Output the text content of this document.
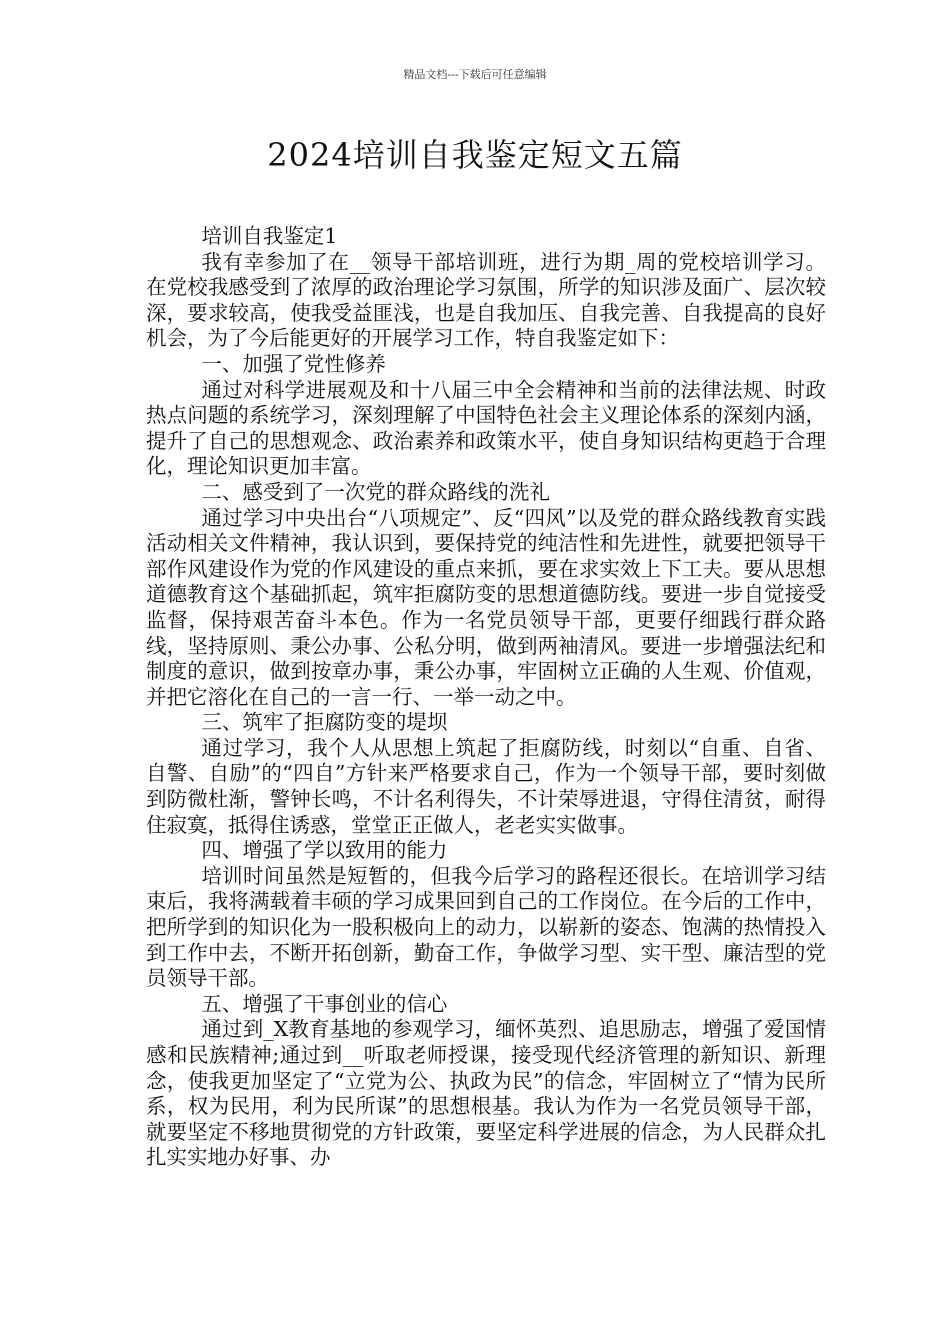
精品文档---下载后可任意编辑
2024培训自我鉴定短文五篇

培训自我鉴定1

我有幸参加了在__领导干部培训班，进行为期_周的党校培训学习。在党校我感受到了浓厚的政治理论学习氛围，所学的知识涉及面广、层次较深，要求较高，使我受益匪浅，也是自我加压、自我完善、自我提高的良好机会，为了今后能更好的开展学习工作，特自我鉴定如下：

一、加强了党性修养

通过对科学进展观及和十八届三中全会精神和当前的法律法规、时政热点问题的系统学习，深刻理解了中国特色社会主义理论体系的深刻内涵，提升了自己的思想观念、政治素养和政策水平，使自身知识结构更趋于合理化，理论知识更加丰富。

二、感受到了一次党的群众路线的洗礼

通过学习中央出台“八项规定”、反“四风”以及党的群众路线教育实践活动相关文件精神，我认识到，要保持党的纯洁性和先进性，就要把领导干部作风建设作为党的作风建设的重点来抓，要在求实效上下工夫。要从思想道德教育这个基础抓起，筑牢拒腐防变的思想道德防线。要进一步自觉接受监督，保持艰苦奋斗本色。作为一名党员领导干部，更要仔细践行群众路线，坚持原则、秉公办事、公私分明，做到两袖清风。要进一步增强法纪和制度的意识，做到按章办事，秉公办事，牢固树立正确的人生观、价值观，并把它溶化在自己的一言一行、一举一动之中。

三、筑牢了拒腐防变的堤坝

通过学习，我个人从思想上筑起了拒腐防线，时刻以“自重、自省、自警、自励”的“四自”方针来严格要求自己，作为一个领导干部，要时刻做到防微杜渐，警钟长鸣，不计名利得失，不计荣辱进退，守得住清贫，耐得住寂寞，抵得住诱惑，堂堂正正做人，老老实实做事。

四、增强了学以致用的能力

培训时间虽然是短暂的，但我今后学习的路程还很长。在培训学习结束后，我将满载着丰硕的学习成果回到自己的工作岗位。在今后的工作中，把所学到的知识化为一股积极向上的动力，以崭新的姿态、饱满的热情投入到工作中去，不断开拓创新，勤奋工作，争做学习型、实干型、廉洁型的党员领导干部。

五、增强了干事创业的信心

通过到_X教育基地的参观学习，缅怀英烈、追思励志，增强了爱国情感和民族精神;通过到__听取老师授课，接受现代经济管理的新知识、新理念，使我更加坚定了“立党为公、执政为民”的信念，牢固树立了“情为民所系，权为民用，利为民所谋”的思想根基。我认为作为一名党员领导干部，就要坚定不移地贯彻党的方针政策，要坚定科学进展的信念，为人民群众扎扎实实地办好事、办
